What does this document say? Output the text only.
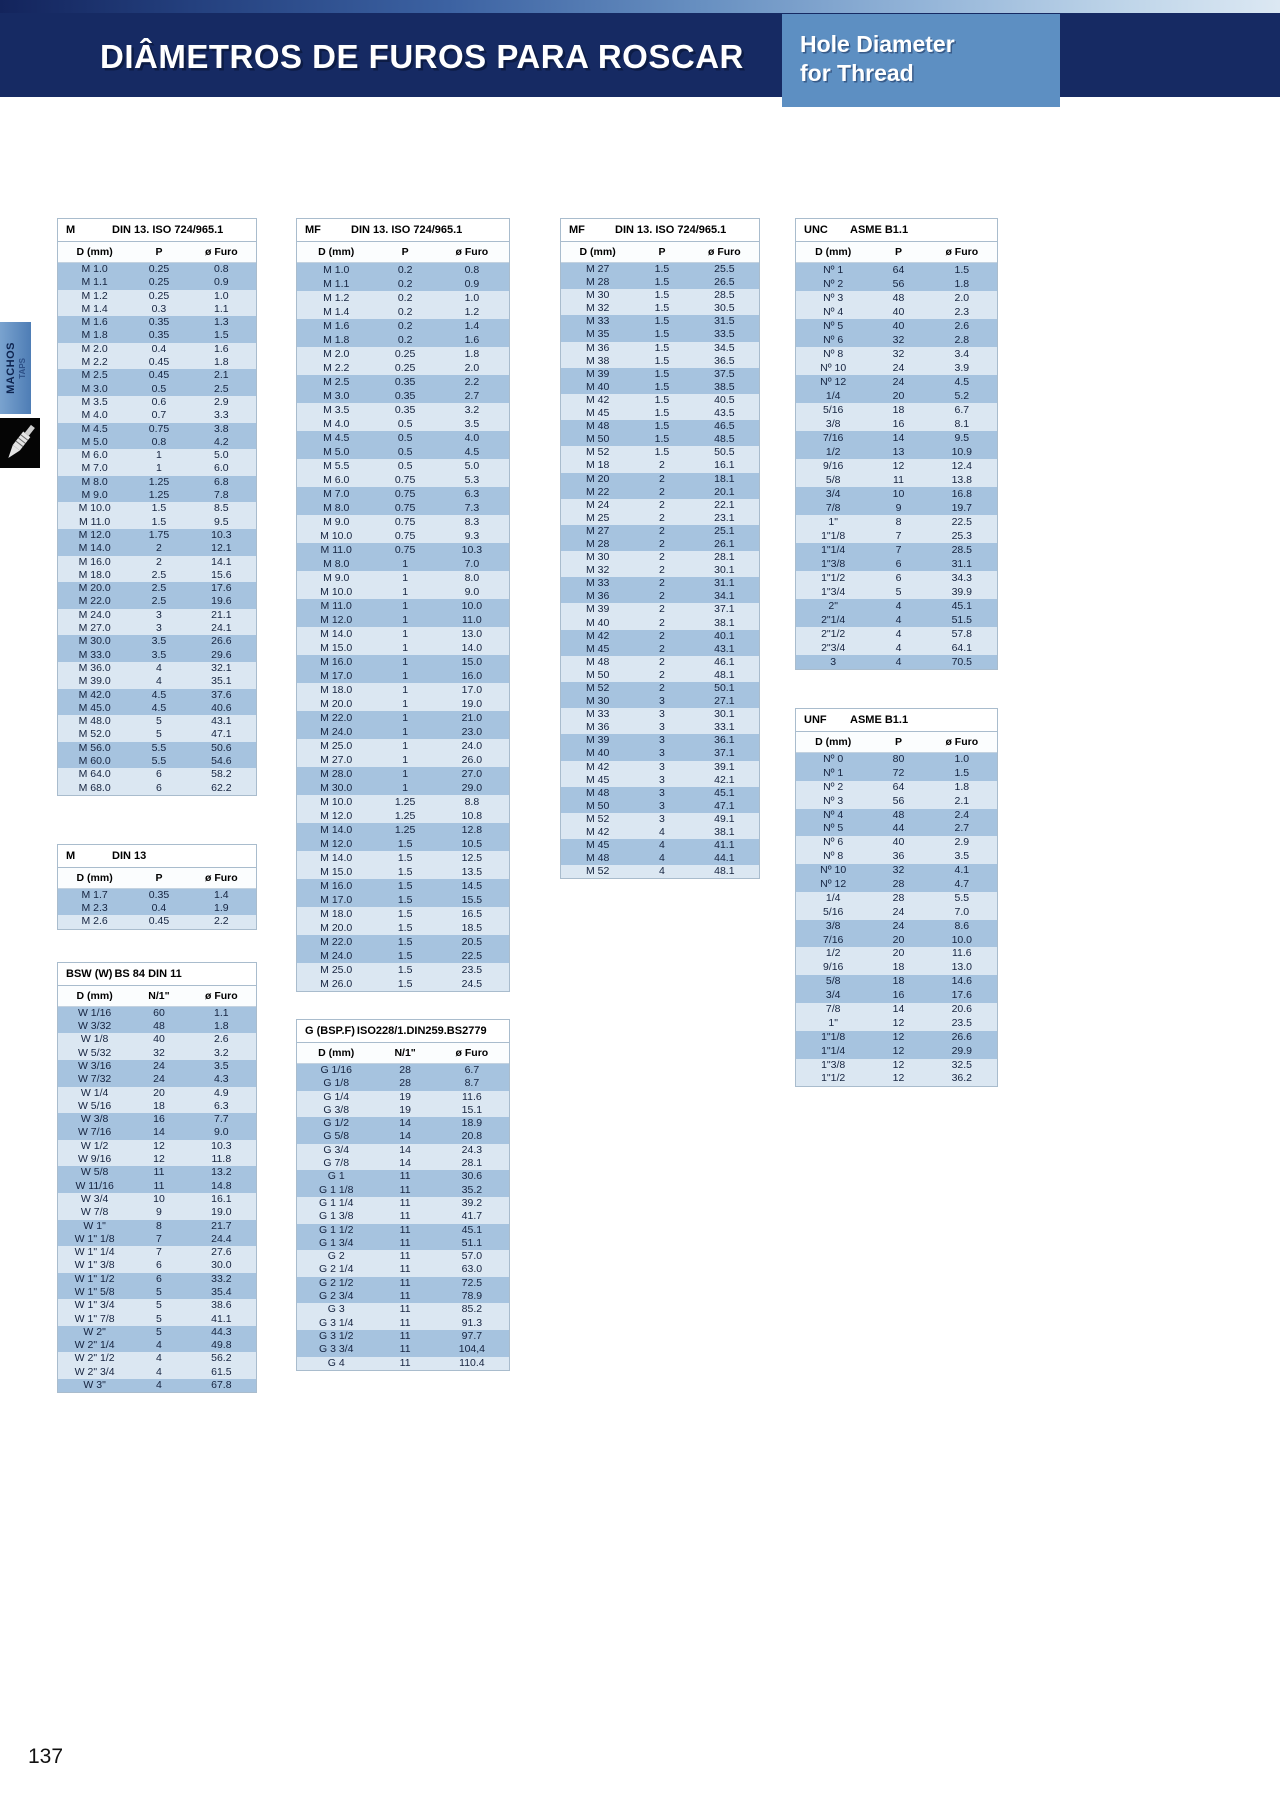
DIÂMETROS DE FUROS PARA ROSCAR Hole Diameter
for Thread
MACHOS TAPS
M	DIN 13. ISO 724/965.1
D (mm)	P	ø Furo
M 1.0	0.25	0.8
M 1.1	0.25	0.9
M 1.2	0.25	1.0
M 1.4	0.3	1.1
M 1.6	0.35	1.3
M 1.8	0.35	1.5
M 2.0	0.4	1.6
M 2.2	0.45	1.8
M 2.5	0.45	2.1
M 3.0	0.5	2.5
M 3.5	0.6	2.9
M 4.0	0.7	3.3
M 4.5	0.75	3.8
M 5.0	0.8	4.2
M 6.0	1	5.0
M 7.0	1	6.0
M 8.0	1.25	6.8
M 9.0	1.25	7.8
M 10.0	1.5	8.5
M 11.0	1.5	9.5
M 12.0	1.75	10.3
M 14.0	2	12.1
M 16.0	2	14.1
M 18.0	2.5	15.6
M 20.0	2.5	17.6
M 22.0	2.5	19.6
M 24.0	3	21.1
M 27.0	3	24.1
M 30.0	3.5	26.6
M 33.0	3.5	29.6
M 36.0	4	32.1
M 39.0	4	35.1
M 42.0	4.5	37.6
M 45.0	4.5	40.6
M 48.0	5	43.1
M 52.0	5	47.1
M 56.0	5.5	50.6
M 60.0	5.5	54.6
M 64.0	6	58.2
M 68.0	6	62.2
M	DIN 13
D (mm)	P	ø Furo
M 1.7	0.35	1.4
M 2.3	0.4	1.9
M 2.6	0.45	2.2
BSW (W) BS 84 DIN 11
D (mm)	N/1"	ø Furo
W 1/16	60	1.1
W 3/32	48	1.8
W 1/8	40	2.6
W 5/32	32	3.2
W 3/16	24	3.5
W 7/32	24	4.3
W 1/4	20	4.9
W 5/16	18	6.3
W 3/8	16	7.7
W 7/16	14	9.0
W 1/2	12	10.3
W 9/16	12	11.8
W 5/8	11	13.2
W 11/16	11	14.8
W 3/4	10	16.1
W 7/8	9	19.0
W 1"	8	21.7
W 1" 1/8	7	24.4
W 1" 1/4	7	27.6
W 1" 3/8	6	30.0
W 1" 1/2	6	33.2
W 1" 5/8	5	35.4
W 1" 3/4	5	38.6
W 1" 7/8	5	41.1
W 2"	5	44.3
W 2" 1/4	4	49.8
W 2" 1/2	4	56.2
W 2" 3/4	4	61.5
W 3"	4	67.8
MF	DIN 13. ISO 724/965.1
D (mm)	P	ø Furo
M 1.0	0.2	0.8
M 1.1	0.2	0.9
M 1.2	0.2	1.0
M 1.4	0.2	1.2
M 1.6	0.2	1.4
M 1.8	0.2	1.6
M 2.0	0.25	1.8
M 2.2	0.25	2.0
M 2.5	0.35	2.2
M 3.0	0.35	2.7
M 3.5	0.35	3.2
M 4.0	0.5	3.5
M 4.5	0.5	4.0
M 5.0	0.5	4.5
M 5.5	0.5	5.0
M 6.0	0.75	5.3
M 7.0	0.75	6.3
M 8.0	0.75	7.3
M 9.0	0.75	8.3
M 10.0	0.75	9.3
M 11.0	0.75	10.3
M 8.0	1	7.0
M 9.0	1	8.0
M 10.0	1	9.0
M 11.0	1	10.0
M 12.0	1	11.0
M 14.0	1	13.0
M 15.0	1	14.0
M 16.0	1	15.0
M 17.0	1	16.0
M 18.0	1	17.0
M 20.0	1	19.0
M 22.0	1	21.0
M 24.0	1	23.0
M 25.0	1	24.0
M 27.0	1	26.0
M 28.0	1	27.0
M 30.0	1	29.0
M 10.0	1.25	8.8
M 12.0	1.25	10.8
M 14.0	1.25	12.8
M 12.0	1.5	10.5
M 14.0	1.5	12.5
M 15.0	1.5	13.5
M 16.0	1.5	14.5
M 17.0	1.5	15.5
M 18.0	1.5	16.5
M 20.0	1.5	18.5
M 22.0	1.5	20.5
M 24.0	1.5	22.5
M 25.0	1.5	23.5
M 26.0	1.5	24.5
G (BSP.F) ISO228/1.DIN259.BS2779
D (mm)	N/1"	ø Furo
G 1/16	28	6.7
G 1/8	28	8.7
G 1/4	19	11.6
G 3/8	19	15.1
G 1/2	14	18.9
G 5/8	14	20.8
G 3/4	14	24.3
G 7/8	14	28.1
G 1	11	30.6
G 1 1/8	11	35.2
G 1 1/4	11	39.2
G 1 3/8	11	41.7
G 1 1/2	11	45.1
G 1 3/4	11	51.1
G 2	11	57.0
G 2 1/4	11	63.0
G 2 1/2	11	72.5
G 2 3/4	11	78.9
G 3	11	85.2
G 3 1/4	11	91.3
G 3 1/2	11	97.7
G 3 3/4	11	104,4
G 4	11	110.4
MF	DIN 13. ISO 724/965.1
D (mm)	P	ø Furo
M 27	1.5	25.5
M 28	1.5	26.5
M 30	1.5	28.5
M 32	1.5	30.5
M 33	1.5	31.5
M 35	1.5	33.5
M 36	1.5	34.5
M 38	1.5	36.5
M 39	1.5	37.5
M 40	1.5	38.5
M 42	1.5	40.5
M 45	1.5	43.5
M 48	1.5	46.5
M 50	1.5	48.5
M 52	1.5	50.5
M 18	2	16.1
M 20	2	18.1
M 22	2	20.1
M 24	2	22.1
M 25	2	23.1
M 27	2	25.1
M 28	2	26.1
M 30	2	28.1
M 32	2	30.1
M 33	2	31.1
M 36	2	34.1
M 39	2	37.1
M 40	2	38.1
M 42	2	40.1
M 45	2	43.1
M 48	2	46.1
M 50	2	48.1
M 52	2	50.1
M 30	3	27.1
M 33	3	30.1
M 36	3	33.1
M 39	3	36.1
M 40	3	37.1
M 42	3	39.1
M 45	3	42.1
M 48	3	45.1
M 50	3	47.1
M 52	3	49.1
M 42	4	38.1
M 45	4	41.1
M 48	4	44.1
M 52	4	48.1
UNC	ASME B1.1
D (mm)	P	ø Furo
Nº 1	64	1.5
Nº 2	56	1.8
Nº 3	48	2.0
Nº 4	40	2.3
Nº 5	40	2.6
Nº 6	32	2.8
Nº 8	32	3.4
Nº 10	24	3.9
Nº 12	24	4.5
1/4	20	5.2
5/16	18	6.7
3/8	16	8.1
7/16	14	9.5
1/2	13	10.9
9/16	12	12.4
5/8	11	13.8
3/4	10	16.8
7/8	9	19.7
1"	8	22.5
1"1/8	7	25.3
1"1/4	7	28.5
1"3/8	6	31.1
1"1/2	6	34.3
1"3/4	5	39.9
2"	4	45.1
2"1/4	4	51.5
2"1/2	4	57.8
2"3/4	4	64.1
3	4	70.5
UNF	ASME B1.1
D (mm)	P	ø Furo
Nº 0	80	1.0
Nº 1	72	1.5
Nº 2	64	1.8
Nº 3	56	2.1
Nº 4	48	2.4
Nº 5	44	2.7
Nº 6	40	2.9
Nº 8	36	3.5
Nº 10	32	4.1
Nº 12	28	4.7
1/4	28	5.5
5/16	24	7.0
3/8	24	8.6
7/16	20	10.0
1/2	20	11.6
9/16	18	13.0
5/8	18	14.6
3/4	16	17.6
7/8	14	20.6
1"	12	23.5
1"1/8	12	26.6
1"1/4	12	29.9
1"3/8	12	32.5
1"1/2	12	36.2
137
